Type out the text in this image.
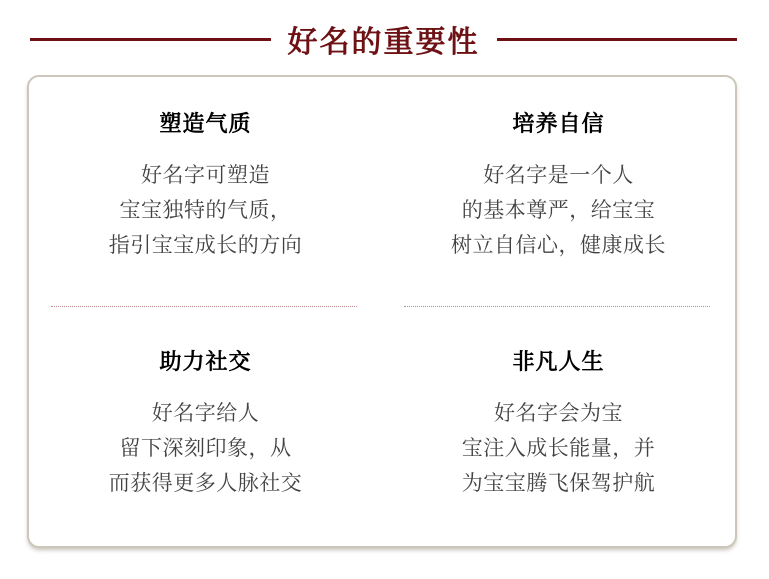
好名的重要性
塑造气质
好名字可塑造
宝宝独特的气质，
指引宝宝成长的方向
培养自信
好名字是一个人
的基本尊严，给宝宝
树立自信心，健康成长
助力社交
好名字给人
留下深刻印象，从
而获得更多人脉社交
非凡人生
好名字会为宝
宝注入成长能量，并
为宝宝腾飞保驾护航
